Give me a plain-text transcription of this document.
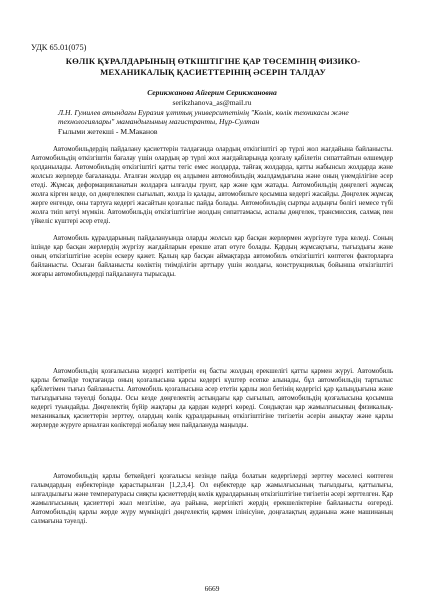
УДК 65.01(075)
КӨЛІК ҚҰРАЛДАРЫНЫҢ ӨТКІШТІГІНЕ ҚАР ТӨСЕМІНІҢ ФИЗИКО-
МЕХАНИКАЛЫҚ ҚАСИЕТТЕРІНІҢ ӘСЕРІН ТАЛДАУ
Серикжанова Айгерим Серикжановна
serikzhanova_as@mail.ru
Л.Н. Гумилев атындағы Еуразия ұлттық университетінің "Көлік, көлік техникасы және
технологиялары" мамандығының магистранты, Нұр-Султан
Ғылыми жетекші - М.Маканов
Автомобильдердің пайдалану қасиеттерін талдағанда олардың өткізгіштігі әр түрлі жол жағдайына байланысты. Автомобильдің өткізгіштін бағалау үшін олардың әр түрлі жол жағдайларында қозғалу қабілетін сипаттайтын өлшемдер қолданылады. Автомобильдің өткізгіштігі қатты тегіс емес жолдарда, тайғақ жолдарда, қатты жабынсыз жолдарда және жолсыз жерлерде бағаланады. Аталған жолдар ең алдымен автомобильдің жылдамдығына және оның үнемділігіне әсер етеді. Жұмсақ деформацияланатын жолдарға ылғалды грунт, қар және құм жатады. Автомобильдің дөңгелегі жұмсақ жолға кірген кезде, ол дөңгелекпен сығылып, жолда із қалады, автомобильге қосымша кедергі жасайды. Дөңгелек жұмсақ жерге енгенде, оны тартуға кедергі жасайтын қозғалыс пайда болады. Автомобильдің сыртқы алдыңғы бөлігі немесе түбі жолға тиіп кетуі мүмкін. Автомобильдің өткізгіштігіне жолдың сипаттамасы, аспалы дөңгелек, трансмиссия, салмақ пен үйкеліс күштері әсер етеді.
Автомобиль құралдарының пайдалануында оларды жолсыз қар басқан жерлермен жүргізуге тура келеді. Соның ішінде қар басқан жерлердің жүргізу жағдайларын ерекше атап өтуге болады. Қардың жұмсақтығы, тығыздығы және оның өткізгіштігіне әсерін ескеру қажет. Қалың қар басқан аймақтарда автомобиль өткізгіштігі көптеген факторларға байланысты. Осыған байланысты көліктің тиімділігін арттыру үшін жолдағы, конструкциялық бойынша өткізгіштігі жоғары автомобильдерді пайдалануға тырысады.
Автомобильдің қозғалысына кедергі келтіретін ең басты жолдың ерекшелігі қатты қармен жүруі. Автомобиль қарлы беткейде тоқтағанда оның қозғалысына қарсы кедергі күштер есепке алынады, бұл автомобильдің тартылыс қабілетімен тығыз байланысты. Автомобиль қозғалысына әсер ететін қарлы жол бетінің кедергісі қар қалыңдығына және тығыздығына тәуелді болады. Осы кезде дөңгелектің астындағы қар сығылып, автомобильдің қозғалысына қосымша кедергі туындайды. Дөңгелектің бүйір жақтары да қардан кедергі көреді. Сондықтан қар жамылғысының физикалық-механикалық қасиеттерін зерттеу, олардың көлік құралдарының өткізгіштігіне тигізетін әсерін анықтау және қарлы жерлерде жүруге арналған көліктерді жобалау мен пайдалануда маңызды.
Автомобильдің қарлы беткейдегі қозғалысы кезінде пайда болатын кедергілерді зерттеу мәселесі көптеген ғалымдардың еңбектерінде қарастырылған [1,2,3,4]. Ол еңбектерде қар жамылғысының тығыздығы, қаттылығы, ылғалдылығы және температурасы сияқты қасиеттердің көлік құралдарының өткізгіштігіне тигізетін әсері зерттелген. Қар жамылғысының қасиеттері жыл мезгіліне, ауа райына, жергілікті жердің ерекшеліктеріне байланысты өзгереді. Автомобильдің қарлы жерде жүру мүмкіндігі дөңгелектің қармен ілінісуіне, доңғалақтың ауданына және машинаның салмағына тәуелді.
6669
